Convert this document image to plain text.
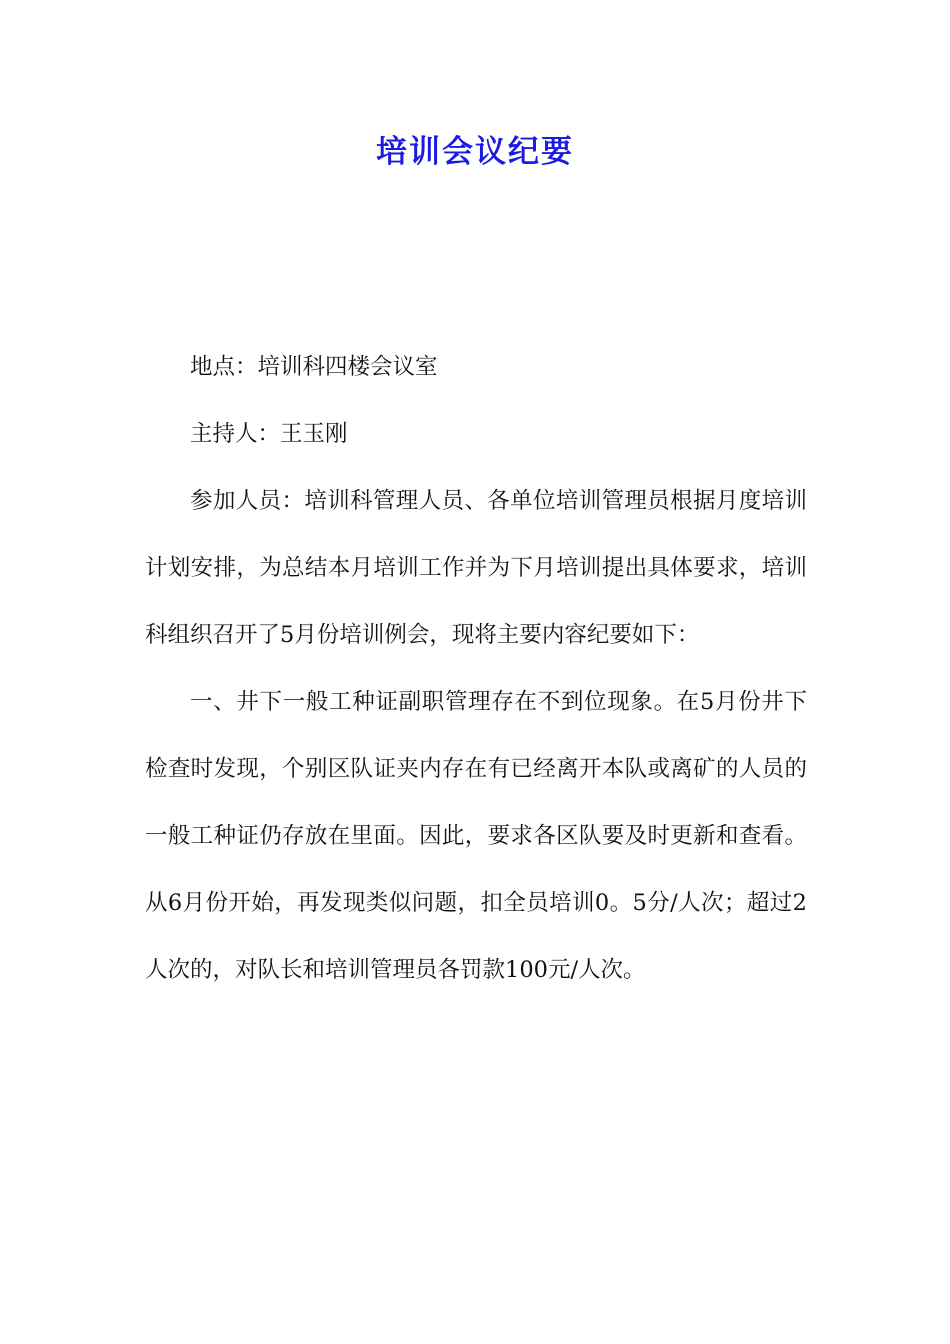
培训会议纪要

地点：培训科四楼会议室

主持人：王玉刚

参加人员：培训科管理人员、各单位培训管理员根据月度培训计划安排，为总结本月培训工作并为下月培训提出具体要求，培训科组织召开了5月份培训例会，现将主要内容纪要如下：

一、井下一般工种证副职管理存在不到位现象。在5月份井下检查时发现，个别区队证夹内存在有已经离开本队或离矿的人员的一般工种证仍存放在里面。因此，要求各区队要及时更新和查看。从6月份开始，再发现类似问题，扣全员培训0。5分/人次；超过2人次的，对队长和培训管理员各罚款100元/人次。
